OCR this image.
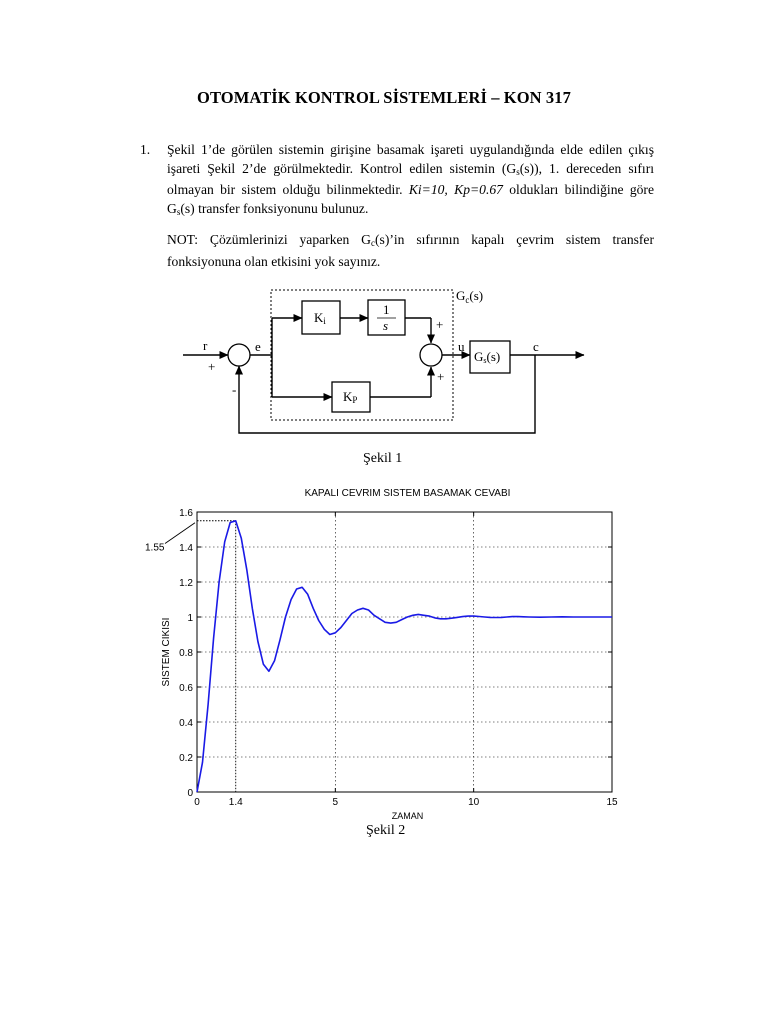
OTOMATİK KONTROL SİSTEMLERİ – KON 317
1. Şekil 1’de görülen sistemin girişine basamak işareti uygulandığında elde edilen çıkış işareti Şekil 2’de görülmektedir. Kontrol edilen sistemin $(G_s(s))$, 1. dereceden sıfırı olmayan bir sistem olduğu bilinmektedir. Ki=10, Kp=0.67 oldukları bilindiğine göre $G_s(s)$ transfer fonksiyonunu bulunuz.

NOT: Çözümlerinizi yaparken $G_c(s)’in$ sıfırının kapalı çevrim sistem transfer fonksiyonuna olan etkisini yok sayınız.

$G_c(s)$
r
+
-
e
Ki
1
s	+
KP
+
u
Gs(s)
c
Şekil 1
0	5	10	15
0
0.2
0.4
0.6
0.8
1
1.2
1.4
1.6
KAPALI CEVRIM SISTEM BASAMAK CEVABI
ZAMAN
SISTEM CIKISI
1.4
1.55
Şekil 2
